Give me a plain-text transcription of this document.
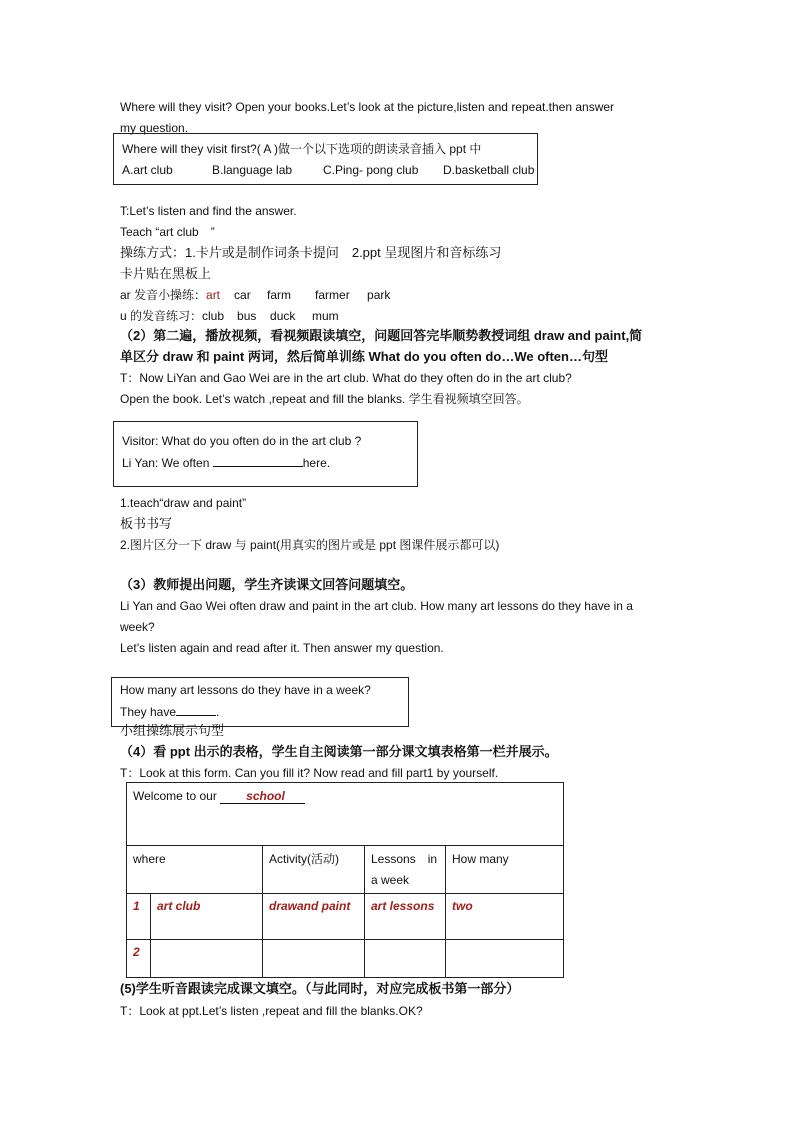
Where will they visit? Open your books.Let’s look at the picture,listen and repeat.then answer
my question.
Where will they visit first?( A )做一个以下选项的朗读录音插入 ppt 中
A.art club	B.language lab	C.Ping- pong club D.basketball club
T:Let’s listen and find the answer.
Teach “art club　”
操练方式：1.卡片或是制作词条卡提问　2.ppt 呈现图片和音标练习
卡片贴在黑板上
ar 发音小操练：art car farm farmer park
u 的发音练习：club bus duck mum
（2）第二遍，播放视频，看视频跟读填空，问题回答完毕顺势教授词组 draw and paint,简
单区分 draw 和 paint 两词，然后简单训练 What do you often do…We often…句型
T：Now LiYan and Gao Wei are in the art club. What do they often do in the art club?
Open the book. Let’s watch ,repeat and fill the blanks. 学生看视频填空回答。
Visitor: What do you often do in the art club ?
Li Yan: We often	here.
1.teach“draw and paint”
板书书写
2.图片区分一下 draw 与 paint(用真实的图片或是 ppt 图课件展示都可以)
（3）教师提出问题，学生齐读课文回答问题填空。
Li Yan and Gao Wei often draw and paint in the art club. How many art lessons do they have in a
week?
Let’s listen again and read after it. Then answer my question.
How many art lessons do they have in a week?
They have	.
小组操练展示句型
（4）看 ppt 出示的表格，学生自主阅读第一部分课文填表格第一栏并展示。
T：Look at this form. Can you fill it? Now read and fill part1 by yourself.
Welcome to our school				
where		Activity(活动)	Lessons　in a week	How many
1	art club	drawand paint	art lessons	two
2				
(5)学生听音跟读完成课文填空。（与此同时，对应完成板书第一部分）
T：Look at ppt.Let’s listen ,repeat and fill the blanks.OK?
